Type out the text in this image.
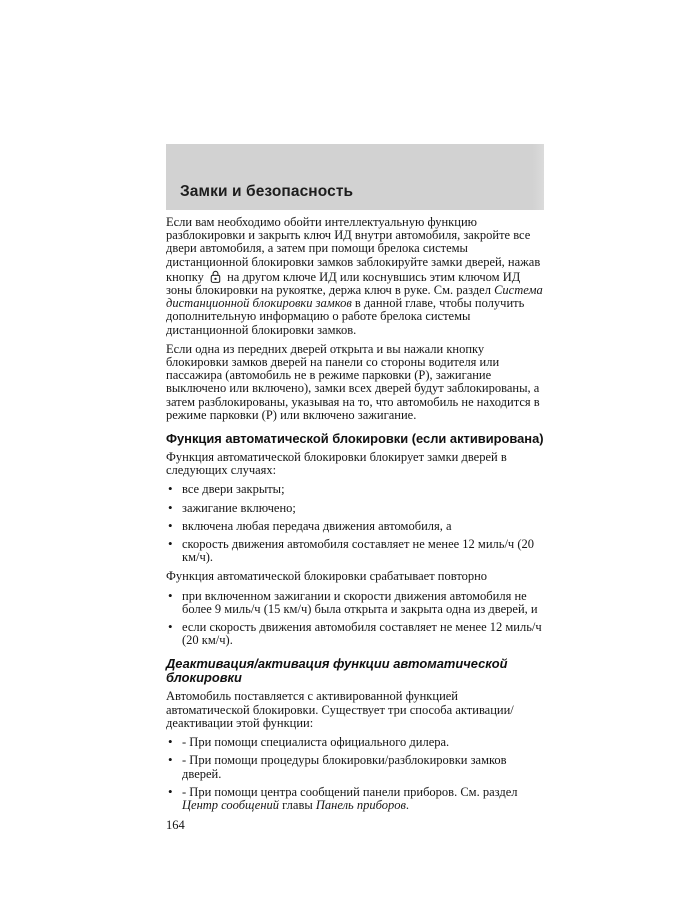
Замки и безопасность

Если вам необходимо обойти интеллектуальную функцию разблокировки и закрыть ключ ИД внутри автомобиля, закройте все двери автомобиля, а затем при помощи брелока системы дистанционной блокировки замков заблокируйте замки дверей, нажав кнопку
на другом ключе ИД или коснувшись этим ключом ИД зоны блокировки на рукоятке, держа ключ в руке. См. раздел Система дистанционной блокировки замков в данной главе, чтобы получить дополнительную информацию о работе брелока системы дистанционной блокировки замков.

Если одна из передних дверей открыта и вы нажали кнопку блокировки замков дверей на панели со стороны водителя или пассажира (автомобиль не в режиме парковки (P), зажигание выключено или включено), замки всех дверей будут заблокированы, а затем разблокированы, указывая на то, что автомобиль не находится в режиме парковки (P) или включено зажигание.

Функция автоматической блокировки (если активирована)

Функция автоматической блокировки блокирует замки дверей в следующих случаях:

• все двери закрыты;
• зажигание включено;
• включена любая передача движения автомобиля, а
• скорость движения автомобиля составляет не менее 12 миль/ч (20 км/ч).

Функция автоматической блокировки срабатывает повторно

• при включенном зажигании и скорости движения автомобиля не более 9 миль/ч (15 км/ч) была открыта и закрыта одна из дверей, и
• если скорость движения автомобиля составляет не менее 12 миль/ч (20 км/ч).
Деактивация/активация функции автоматической блокировки

Автомобиль поставляется с активированной функцией автоматической блокировки. Существует три способа активации/деактивации этой функции:

• - При помощи специалиста официального дилера.
• - При помощи процедуры блокировки/разблокировки замков дверей.
• - При помощи центра сообщений панели приборов. См. раздел Центр сообщений главы Панель приборов.
164
